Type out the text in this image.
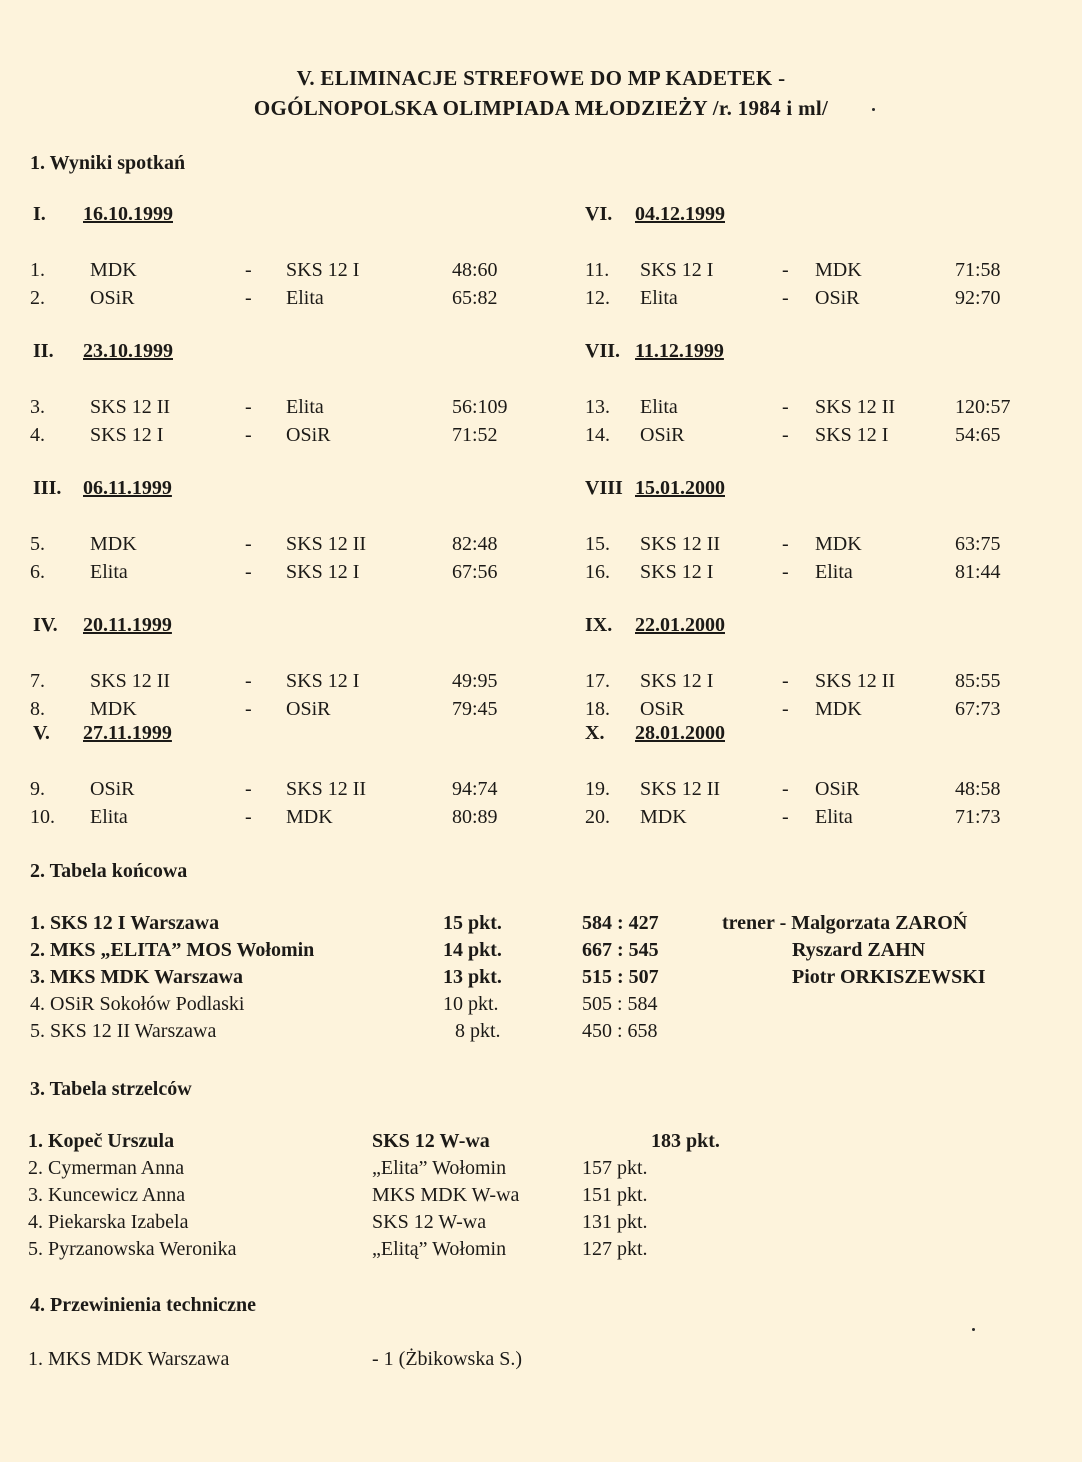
V. ELIMINACJE STREFOWE DO MP KADETEK -
OGÓLNOPOLSKA OLIMPIADA MŁODZIEŻY /r. 1984 i ml/
1. Wyniki spotkań
I. 16.10.1999
1. MDK	- SKS 12 I	48:60
2. OSiR	- Elita	65:82
II. 23.10.1999
3. SKS 12 II	- Elita	56:109
4. SKS 12 I	- OSiR	71:52
III. 06.11.1999
5. MDK	- SKS 12 II	82:48
6. Elita	- SKS 12 I	67:56
IV. 20.11.1999
7. SKS 12 II	- SKS 12 I	49:95
8. MDK	- OSiR	79:45
V. 27.11.1999
9. OSiR	- SKS 12 II	94:74
10. Elita	- MDK	80:89
VI. 04.12.1999
11. SKS 12 I	- MDK	71:58
12. Elita	- OSiR	92:70
VII. 11.12.1999
13. Elita	- SKS 12 II	120:57
14. OSiR	- SKS 12 I	54:65
VIII 15.01.2000
15. SKS 12 II	- MDK	63:75
16. SKS 12 I	- Elita	81:44
IX. 22.01.2000
17. SKS 12 I	- SKS 12 II	85:55
18. OSiR	- MDK	67:73
X. 28.01.2000
19. SKS 12 II	- OSiR	48:58
20. MDK	- Elita	71:73
2. Tabela końcowa
1. SKS 12 I Warszawa	15 pkt.	584 : 427	trener - Malgorzata ZAROŃ
2. MKS „ELITA” MOS Wołomin	14 pkt.	667 : 545	Ryszard ZAHN
3. MKS MDK Warszawa	13 pkt.	515 : 507	Piotr ORKISZEWSKI
4. OSiR Sokołów Podlaski	10 pkt.	505 : 584
5. SKS 12 II Warszawa	8 pkt.	450 : 658
3. Tabela strzelców
1. Kopeč Urszula	SKS 12 W-wa	183 pkt.
2. Cymerman Anna	„Elita” Wołomin	157 pkt.
3. Kuncewicz Anna	MKS MDK W-wa	151 pkt.
4. Piekarska Izabela	SKS 12 W-wa	131 pkt.
5. Pyrzanowska Weronika	„Elitą” Wołomin	127 pkt.
4. Przewinienia techniczne
1. MKS MDK Warszawa	- 1 (Żbikowska S.)
